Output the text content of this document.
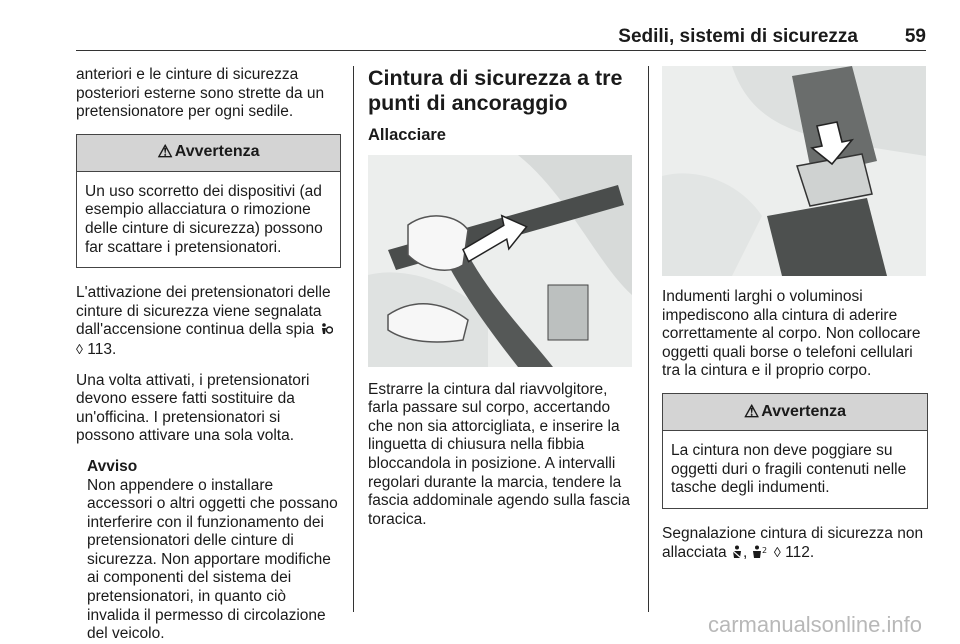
Sedili, sistemi di sicurezza 59

anteriori e le cinture di sicurezza posteriori esterne sono strette da un pretensionatore per ogni sedile.

⚠ Avvertenza
Un uso scorretto dei dispositivi (ad esempio allacciatura o rimozione delle cinture di sicurezza) possono far scattare i pretensionatori.

L'attivazione dei pretensionatori delle cinture di sicurezza viene segnalata dall'accensione continua della spia
◊ 113.

Una volta attivati, i pretensionatori devono essere fatti sostituire da un'officina. I pretensionatori si possono attivare una sola volta.

Avviso
Non appendere o installare accessori o altri oggetti che possano interferire con il funzionamento dei pretensionatori delle cinture di sicurezza. Non apportare modifiche ai componenti del sistema dei pretensionatori, in quanto ciò invalida il permesso di circolazione del veicolo.
Cintura di sicurezza a tre punti di ancoraggio
Allacciare

Estrarre la cintura dal riavvolgitore, farla passare sul corpo, accertando che non sia attorcigliata, e inserire la linguetta di chiusura nella fibbia bloccandola in posizione. A intervalli regolari durante la marcia, tendere la fascia addominale agendo sulla fascia toracica.

Indumenti larghi o voluminosi impediscono alla cintura di aderire correttamente al corpo. Non collocare oggetti quali borse o telefoni cellulari tra la cintura e il proprio corpo.

⚠ Avvertenza
La cintura non deve poggiare su oggetti duri o fragili contenuti nelle tasche degli indumenti.

Segnalazione cintura di sicurezza non allacciata , 2 ◊ 112.

carmanualsonline.info
